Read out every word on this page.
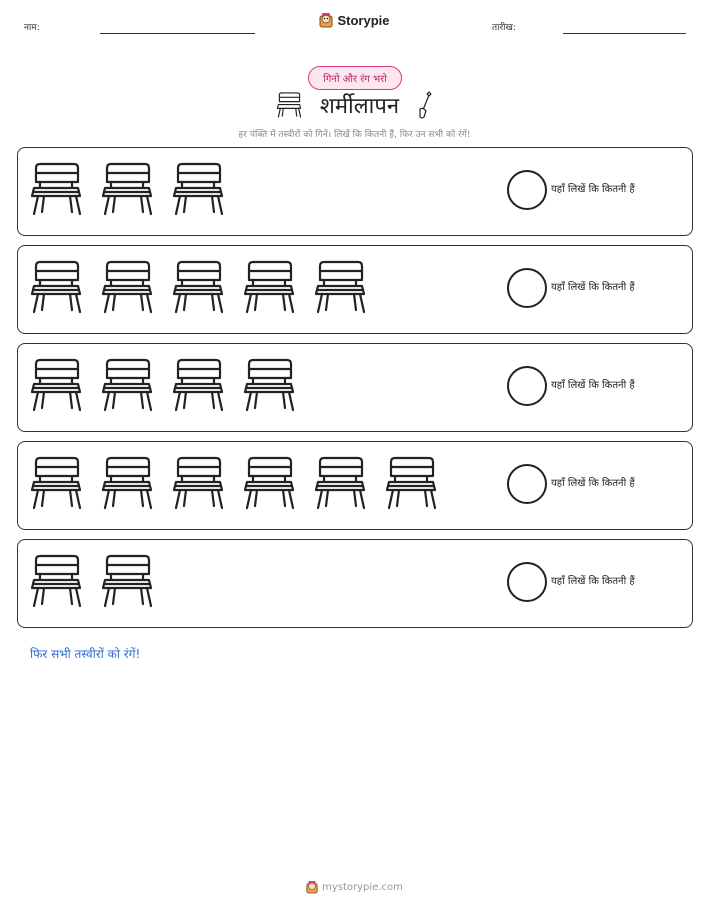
नाम:
Storypie
तारीख:
गिनो और रंग भरो
शर्मीलापन
हर पंक्ति में तस्वीरों को गिनें। लिखें कि कितनी हैं, फिर उन सभी को रंगें!
यहाँ लिखें कि कितनी हैं
यहाँ लिखें कि कितनी हैं
यहाँ लिखें कि कितनी हैं
यहाँ लिखें कि कितनी हैं
यहाँ लिखें कि कितनी हैं
फिर सभी तस्वीरों को रंगें!
mystorypie.com
